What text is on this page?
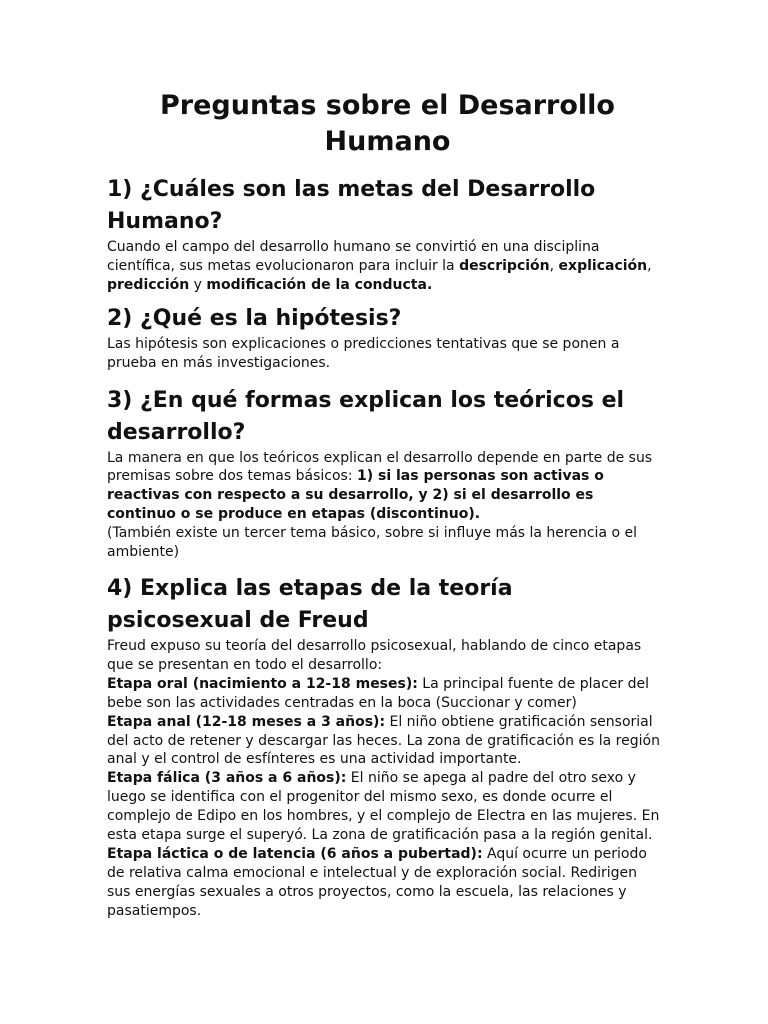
Preguntas sobre el Desarrollo Humano
1) ¿Cuáles son las metas del Desarrollo Humano?

Cuando el campo del desarrollo humano se convirtió en una disciplina científica, sus metas evolucionaron para incluir la descripción, explicación,
predicción y modificación de la conducta.

2) ¿Qué es la hipótesis?

Las hipótesis son explicaciones o predicciones tentativas que se ponen a prueba en más investigaciones.

3) ¿En qué formas explican los teóricos el desarrollo?

La manera en que los teóricos explican el desarrollo depende en parte de sus premisas sobre dos temas básicos: 1) si las personas son activas o reactivas con respecto a su desarrollo, y 2) si el desarrollo es continuo o se produce en etapas (discontinuo).
(También existe un tercer tema básico, sobre si influye más la herencia o el ambiente)

4) Explica las etapas de la teoría psicosexual de Freud

Freud expuso su teoría del desarrollo psicosexual, hablando de cinco etapas que se presentan en todo el desarrollo:

Etapa oral (nacimiento a 12-18 meses): La principal fuente de placer del bebe son las actividades centradas en la boca (Succionar y comer)

Etapa anal (12-18 meses a 3 años): El niño obtiene gratificación sensorial del acto de retener y descargar las heces. La zona de gratificación es la región anal y el control de esfínteres es una actividad importante.

Etapa fálica (3 años a 6 años): El niño se apega al padre del otro sexo y luego se identifica con el progenitor del mismo sexo, es donde ocurre el complejo de Edipo en los hombres, y el complejo de Electra en las mujeres. En esta etapa surge el superyó. La zona de gratificación pasa a la región genital.

Etapa láctica o de latencia (6 años a pubertad): Aquí ocurre un periodo de relativa calma emocional e intelectual y de exploración social. Redirigen sus energías sexuales a otros proyectos, como la escuela, las relaciones y pasatiempos.
